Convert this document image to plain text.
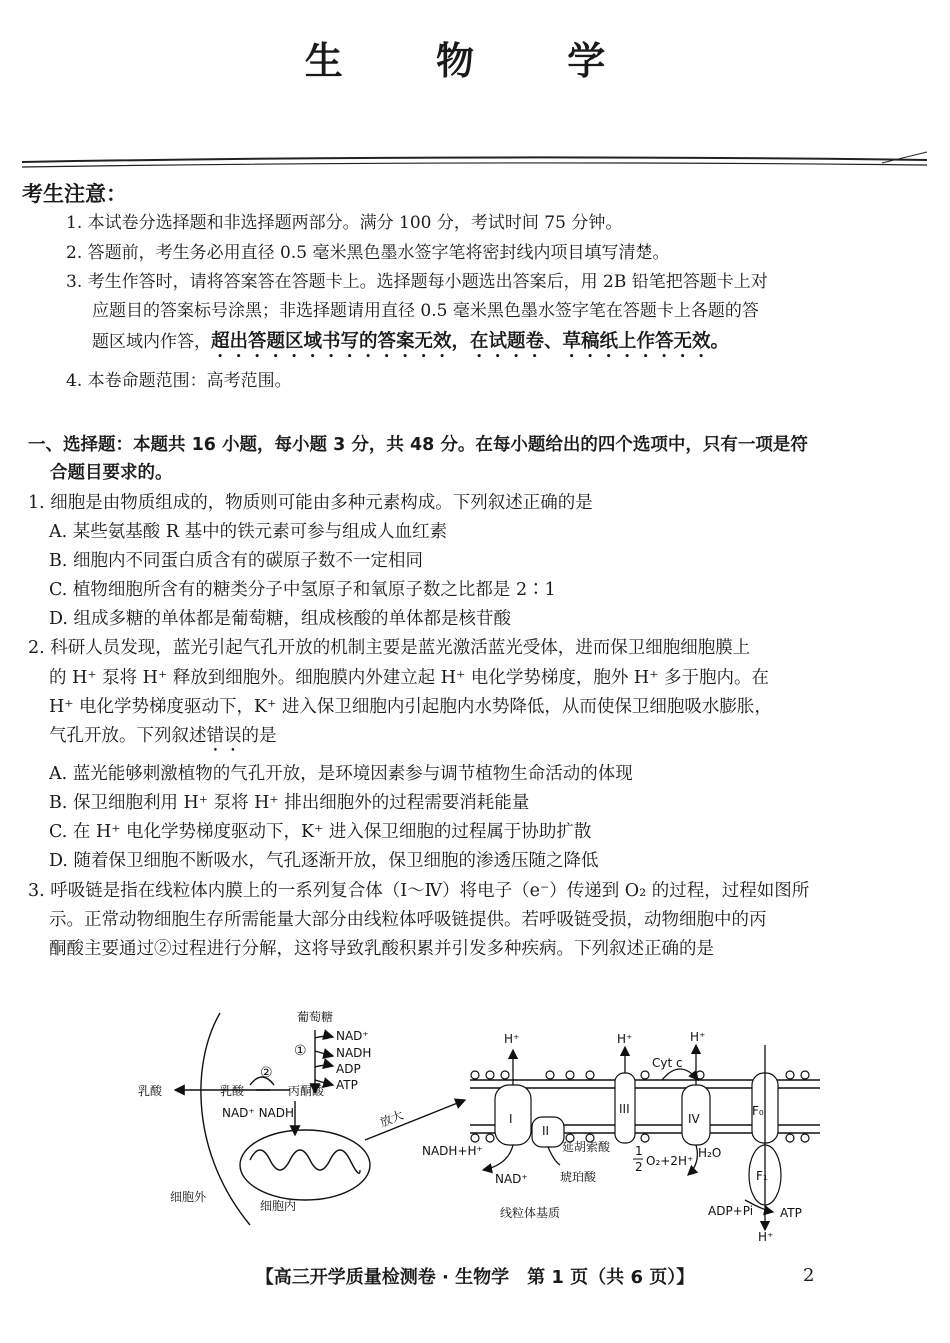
生 物 学
考生注意：
1. 本试卷分选择题和非选择题两部分。满分 100 分，考试时间 75 分钟。
2. 答题前，考生务必用直径 0.5 毫米黑色墨水签字笔将密封线内项目填写清楚。
3. 考生作答时，请将答案答在答题卡上。选择题每小题选出答案后，用 2B 铅笔把答题卡上对
应题目的答案标号涂黑；非选择题请用直径 0.5 毫米黑色墨水签字笔在答题卡上各题的答
题区域内作答，超出答题区域书写的答案无效，在试题卷、草稿纸上作答无效。
4. 本卷命题范围：高考范围。
一、选择题：本题共 16 小题，每小题 3 分，共 48 分。在每小题给出的四个选项中，只有一项是符
合题目要求的。
1. 细胞是由物质组成的，物质则可能由多种元素构成。下列叙述正确的是
A. 某些氨基酸 R 基中的铁元素可参与组成人血红素
B. 细胞内不同蛋白质含有的碳原子数不一定相同
C. 植物细胞所含有的糖类分子中氢原子和氧原子数之比都是 2∶1
D. 组成多糖的单体都是葡萄糖，组成核酸的单体都是核苷酸
2. 科研人员发现，蓝光引起气孔开放的机制主要是蓝光激活蓝光受体，进而保卫细胞细胞膜上
的 H⁺ 泵将 H⁺ 释放到细胞外。细胞膜内外建立起 H⁺ 电化学势梯度，胞外 H⁺ 多于胞内。在
H⁺ 电化学势梯度驱动下，K⁺ 进入保卫细胞内引起胞内水势降低，从而使保卫细胞吸水膨胀，
气孔开放。下列叙述错误的是
A. 蓝光能够刺激植物的气孔开放，是环境因素参与调节植物生命活动的体现
B. 保卫细胞利用 H⁺ 泵将 H⁺ 排出细胞外的过程需要消耗能量
C. 在 H⁺ 电化学势梯度驱动下，K⁺ 进入保卫细胞的过程属于协助扩散
D. 随着保卫细胞不断吸水，气孔逐渐开放，保卫细胞的渗透压随之降低
3. 呼吸链是指在线粒体内膜上的一系列复合体（Ⅰ～Ⅳ）将电子（e⁻）传递到 O₂ 的过程，过程如图所
示。正常动物细胞生存所需能量大部分由线粒体呼吸链提供。若呼吸链受损，动物细胞中的丙
酮酸主要通过②过程进行分解，这将导致乳酸积累并引发多种疾病。下列叙述正确的是
葡萄糖
NAD⁺
NADH
ADP
ATP
①
②
乳酸	乳酸	丙酮酸
NAD⁺ NADH
细胞外
细胞内
放大
H⁺	H⁺	H⁺
Cyt c
I
II
III
IV
F₀
F₁
NADH+H⁺
NAD⁺
延胡索酸
琥珀酸
1
2 O₂+2H⁺
H₂O
ADP+Pi ATP
H⁺
线粒体基质
【高三开学质量检测卷 · 生物学　第 1 页（共 6 页）】	2
